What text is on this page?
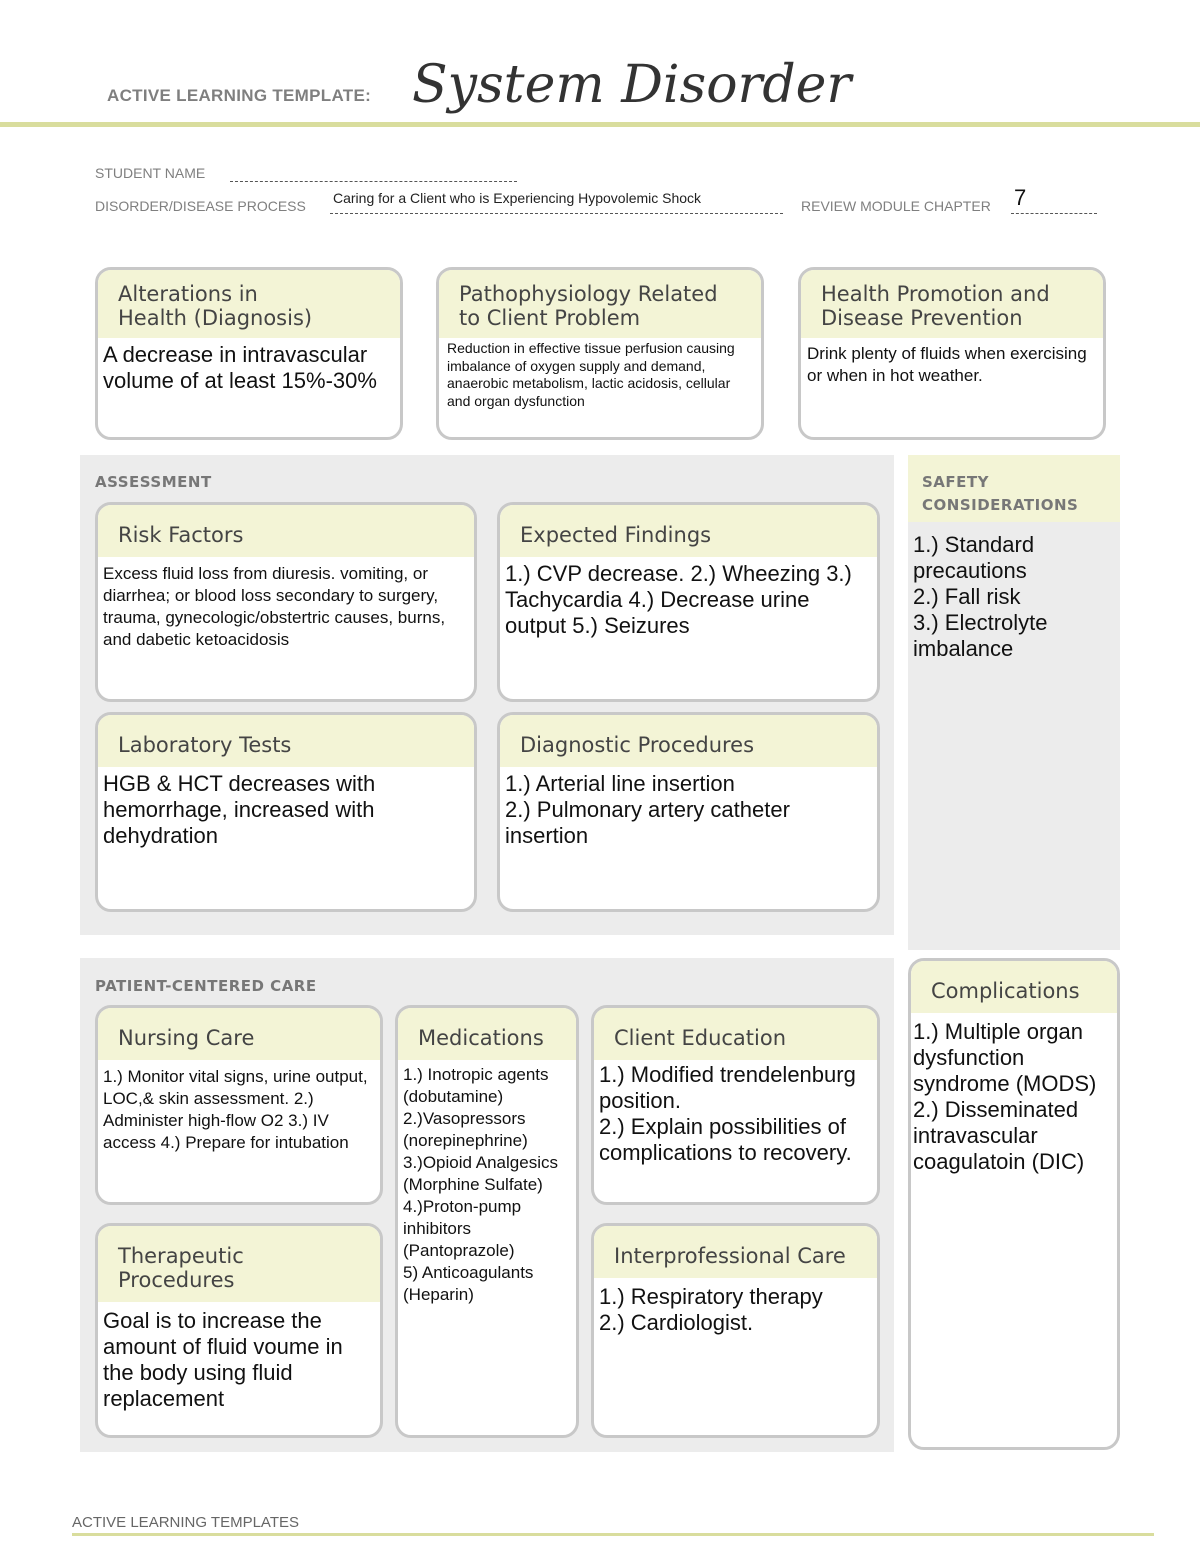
ACTIVE LEARNING TEMPLATE: System Disorder
STUDENT NAME
DISORDER/DISEASE PROCESS Caring for a Client who is Experiencing Hypovolemic Shock	REVIEW MODULE CHAPTER 7
Alterations in
Health (Diagnosis)
A decrease in intravascular volume of at least 15%-30%
Pathophysiology Related
to Client Problem
Reduction in effective tissue perfusion causing imbalance of oxygen supply and demand, anaerobic metabolism, lactic acidosis, cellular and organ dysfunction
Health Promotion and
Disease Prevention
Drink plenty of fluids when exercising or when in hot weather.
ASSESSMENT
Risk Factors
Excess fluid loss from diuresis. vomiting, or diarrhea; or blood loss secondary to surgery, trauma, gynecologic/obstertric causes, burns, and dabetic ketoacidosis
Expected Findings
1.) CVP decrease. 2.) Wheezing 3.) Tachycardia 4.) Decrease urine output 5.) Seizures
Laboratory Tests
HGB & HCT decreases with hemorrhage, increased with dehydration
Diagnostic Procedures
1.) Arterial line insertion
2.) Pulmonary artery catheter insertion
SAFETY
CONSIDERATIONS
1.) Standard precautions
2.) Fall risk
3.) Electrolyte imbalance
PATIENT-CENTERED CARE
Nursing Care
1.) Monitor vital signs, urine output, LOC,& skin assessment. 2.) Administer high-flow O2 3.) IV access 4.) Prepare for intubation
Medications
1.) Inotropic agents (dobutamine)
2.)Vasopressors (norepinephrine)
3.)Opioid Analgesics (Morphine Sulfate)
4.)Proton-pump inhibitors (Pantoprazole)
5) Anticoagulants (Heparin)
Client Education
1.) Modified trendelenburg position.
2.) Explain possibilities of complications to recovery.
Therapeutic Procedures
Goal is to increase the amount of fluid voume in the body using fluid replacement
Interprofessional Care
1.) Respiratory therapy
2.) Cardiologist.
Complications
1.) Multiple organ dysfunction syndrome (MODS)
2.) Disseminated intravascular coagulatoin (DIC)
ACTIVE LEARNING TEMPLATES
